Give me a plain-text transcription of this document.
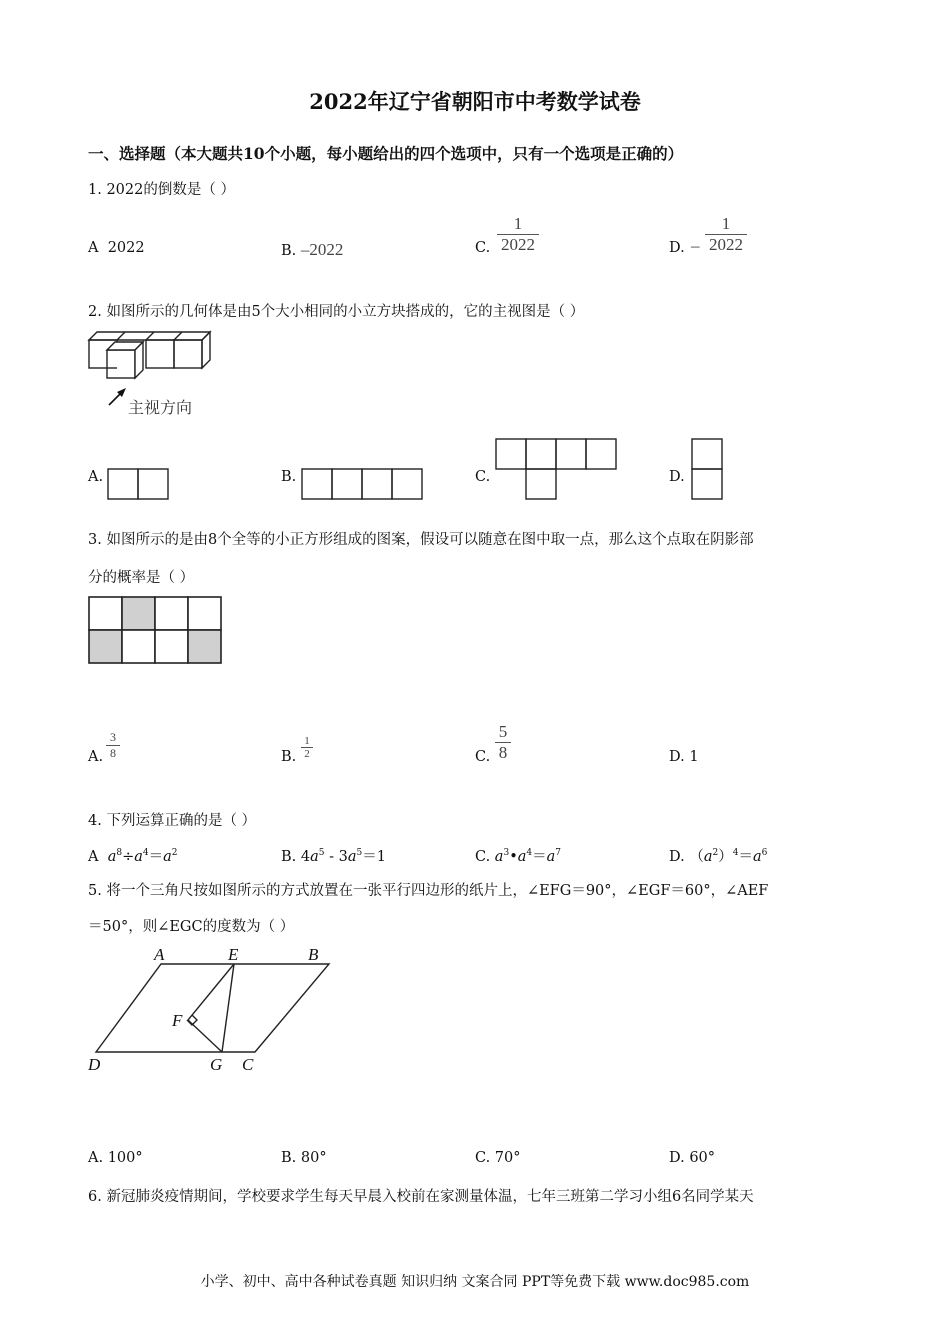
2022年辽宁省朝阳市中考数学试卷
一、选择题（本大题共10个小题，每小题给出的四个选项中，只有一个选项是正确的）
1. 2022的倒数是（ ）
A 2022	B. –2022	C. $\frac{1}{2022}$	D. – $\frac{1}{2022}$
2. 如图所示的几何体是由5个大小相同的小立方块搭成的，它的主视图是（ ）
主视方向
A.	B.	C.	D.
3. 如图所示的是由8个全等的小正方形组成的图案，假设可以随意在图中取一点，那么这个点取在阴影部
分的概率是（ ）
A. $\frac{3}{8}$	B. $\frac{1}{2}$	C. $\frac{5}{8}$	D. 1
4. 下列运算正确的是（ ）
A $a^8\div a^4=a^2$	B. $4a^5 - 3a^5=1$	C. $a^3•a^4=a^7$	D. $(a^2)^4=a^6$
5. 将一个三角尺按如图所示的方式放置在一张平行四边形的纸片上，∠EFG＝90°，∠EGF＝60°，∠AEF
＝50°，则∠EGC的度数为（ ）
A	E	B
F
D	G C
A. 100°	B. 80°	C. 70°	D. 60°
6. 新冠肺炎疫情期间，学校要求学生每天早晨入校前在家测量体温，七年三班第二学习小组6名同学某天
小学、初中、高中各种试卷真题 知识归纳 文案合同 PPT等免费下载 www.doc985.com
